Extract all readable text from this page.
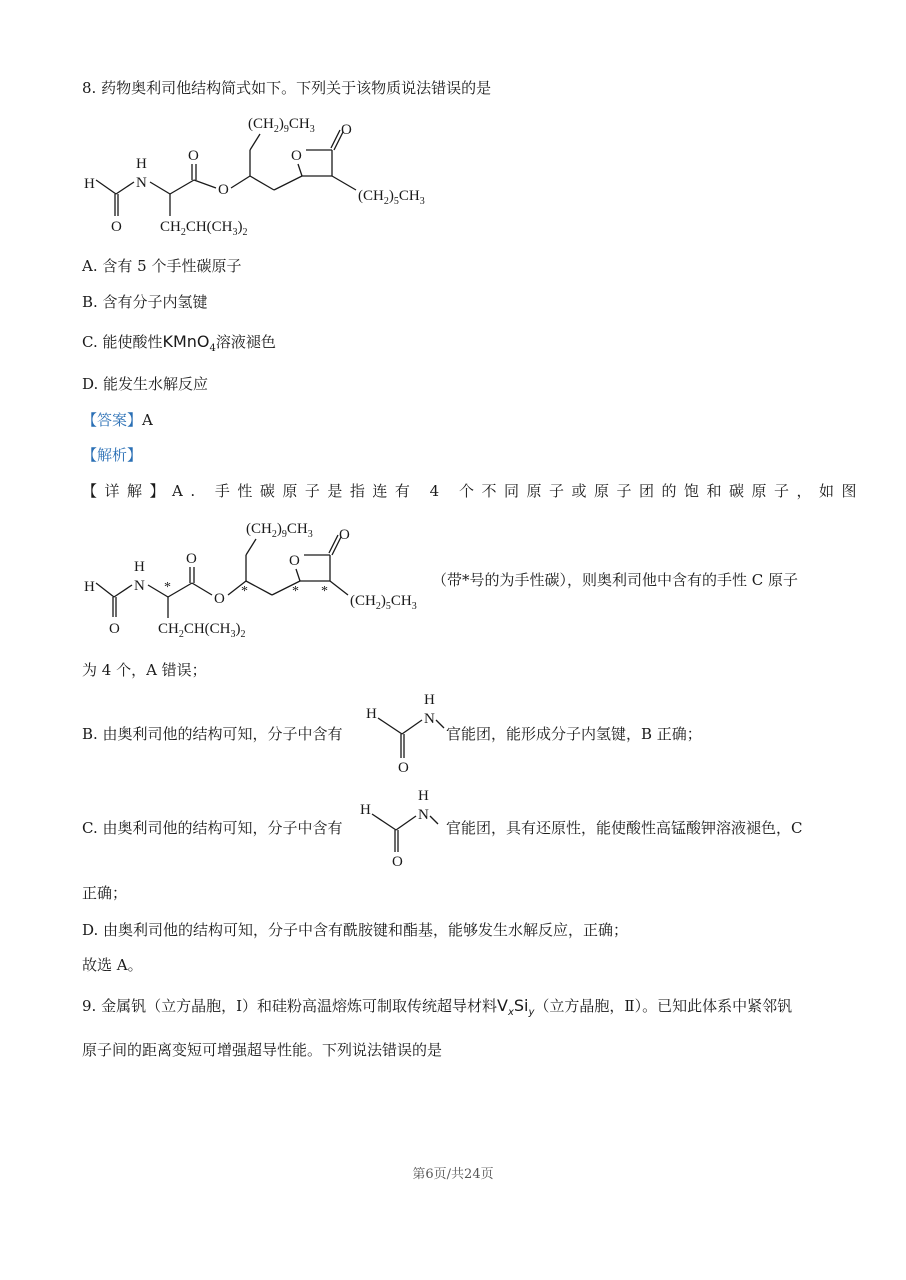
8. 药物奥利司他结构简式如下。下列关于该物质说法错误的是
$(CH_2)_9CH_3$ O
O
H
H
N
O
O
O	$CH_2CH(CH_3)_2$
$(CH_2)_5CH_3$
A. 含有 5 个手性碳原子
B. 含有分子内氢键
C. 能使酸性KMnO$_4$溶液褪色
D. 能发生水解反应
【答案】A
【解析】
【详解】A. 手性碳原子是指连有 4 个不同原子或原子团的饱和碳原子，如图
$(CH_2)_9CH_3$ O
O
H
H
N
O
O
O	$CH_2CH(CH_3)_2$
$(CH_2)_5CH_3$
*	*	* *
（带*号的为手性碳），则奥利司他中含有的手性 C 原子
为 4 个，A 错误；
B. 由奥利司他的结构可知，分子中含有
H
H
N
O
官能团，能形成分子内氢键，B 正确；
C. 由奥利司他的结构可知，分子中含有
H
H
N
O
官能团，具有还原性，能使酸性高锰酸钾溶液褪色，C
正确；
D. 由奥利司他的结构可知，分子中含有酰胺键和酯基，能够发生水解反应，正确；
故选 A。
9. 金属钒（立方晶胞，Ⅰ）和硅粉高温熔炼可制取传统超导材料$V_xSi_y$（立方晶胞，Ⅱ）。已知此体系中紧邻钒
原子间的距离变短可增强超导性能。下列说法错误的是
第6页/共24页
